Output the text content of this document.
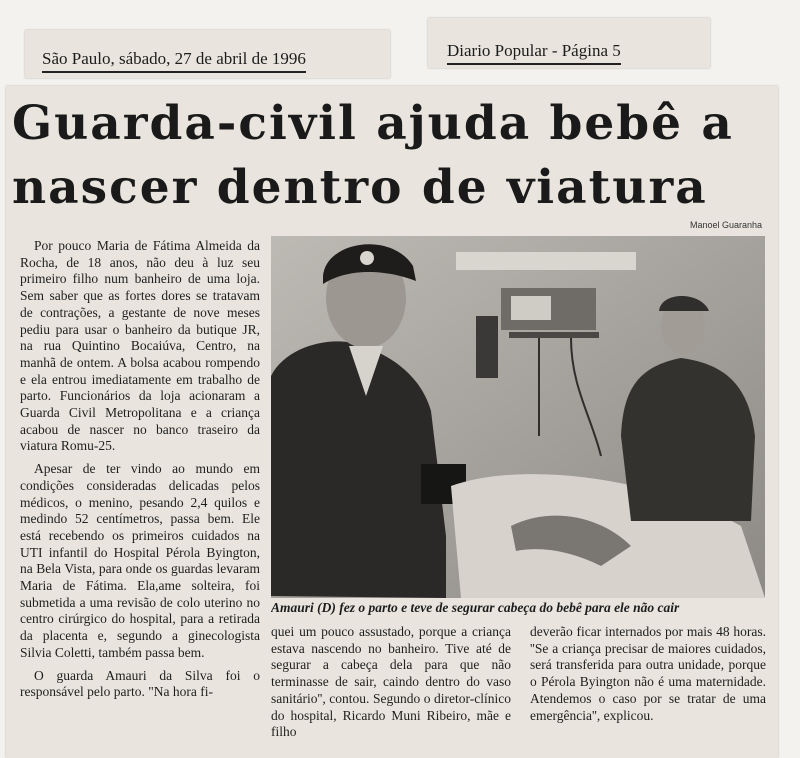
São Paulo, sábado, 27 de abril de 1996	Diario Popular - Página 5
Guarda-civil ajuda bebê a nascer dentro de viatura
Manoel Guaranha

Por pouco Maria de Fátima Almeida da Rocha, de 18 anos, não deu à luz seu primeiro filho num banheiro de uma loja. Sem saber que as fortes dores se tratavam de contrações, a gestante de nove meses pediu para usar o banheiro da butique JR, na rua Quintino Bocaiúva, Centro, na manhã de ontem. A bolsa acabou rompendo e ela entrou imediatamente em trabalho de parto. Funcionários da loja acionaram a Guarda Civil Metropolitana e a criança acabou de nascer no banco traseiro da viatura Romu-25.

Apesar de ter vindo ao mundo em condições consideradas delicadas pelos médicos, o menino, pesando 2,4 quilos e medindo 52 centímetros, passa bem. Ele está recebendo os primeiros cuidados na UTI infantil do Hospital Pérola Byington, na Bela Vista, para onde os guardas levaram Maria de Fátima. Ela,ame solteira, foi submetida a uma revisão de colo uterino no centro cirúrgico do hospital, para a retirada da placenta e, segundo a ginecologista Silvia Coletti, também passa bem.

O guarda Amauri da Silva foi o responsável pelo parto. "Na hora fi-

Amauri (D) fez o parto e teve de segurar cabeça do bebê para ele não cair

quei um pouco assustado, porque a criança estava nascendo no banheiro. Tive até de segurar a cabeça dela para que não terminasse de sair, caindo dentro do vaso sanitário'', contou. Segundo o diretor-clínico do hospital, Ricardo Muni Ribeiro, mãe e filho

deverão ficar internados por mais 48 horas. ''Se a criança precisar de maiores cuidados, será transferida para outra unidade, porque o Pérola Byington não é uma maternidade. Atendemos o caso por se tratar de uma emergência'', explicou.
